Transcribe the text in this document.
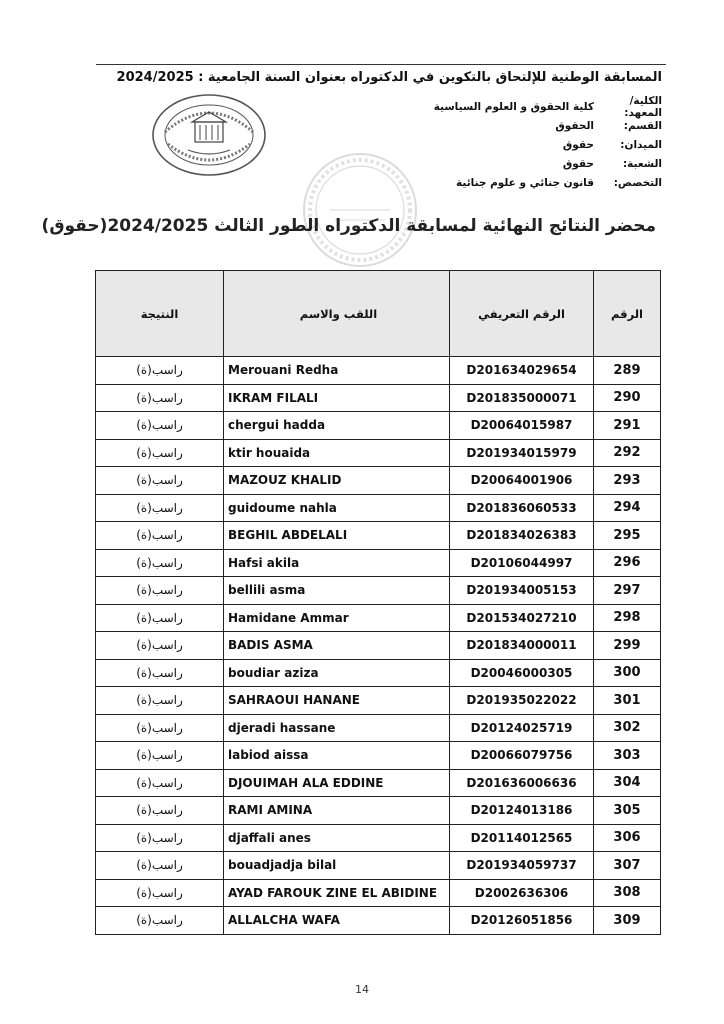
المسابقة الوطنية للإلتحاق بالتكوين في الدكتوراه بعنوان السنة الجامعية : 2024/2025
الكلية/المعهد:
كلية الحقوق و العلوم السياسية
القسم:
الحقوق
الميدان:
حقوق
الشعبة:
حقوق
التخصص:
قانون جنائي و علوم جنائية
محضر النتائج النهائية لمسابقة الدكتوراه الطور الثالث 2024/2025(حقوق)
الرقم	الرقم التعريفي	اللقب والاسم	النتيجة
289	D201634029654	Merouani Redha	راسب(ة)
290	D201835000071	IKRAM FILALI	راسب(ة)
291	D20064015987	chergui hadda	راسب(ة)
292	D201934015979	ktir houaida	راسب(ة)
293	D20064001906	MAZOUZ KHALID	راسب(ة)
294	D201836060533	guidoume nahla	راسب(ة)
295	D201834026383	BEGHIL ABDELALI	راسب(ة)
296	D20106044997	Hafsi akila	راسب(ة)
297	D201934005153	bellili asma	راسب(ة)
298	D201534027210	Hamidane Ammar	راسب(ة)
299	D201834000011	BADIS ASMA	راسب(ة)
300	D20046000305	boudiar aziza	راسب(ة)
301	D201935022022	SAHRAOUI HANANE	راسب(ة)
302	D20124025719	djeradi hassane	راسب(ة)
303	D20066079756	labiod aissa	راسب(ة)
304	D201636006636	DJOUIMAH ALA EDDINE	راسب(ة)
305	D20124013186	RAMI AMINA	راسب(ة)
306	D20114012565	djaffali anes	راسب(ة)
307	D201934059737	bouadjadja bilal	راسب(ة)
308	D2002636306	AYAD FAROUK ZINE EL ABIDINE	راسب(ة)
309	D20126051856	ALLALCHA WAFA	راسب(ة)
14
